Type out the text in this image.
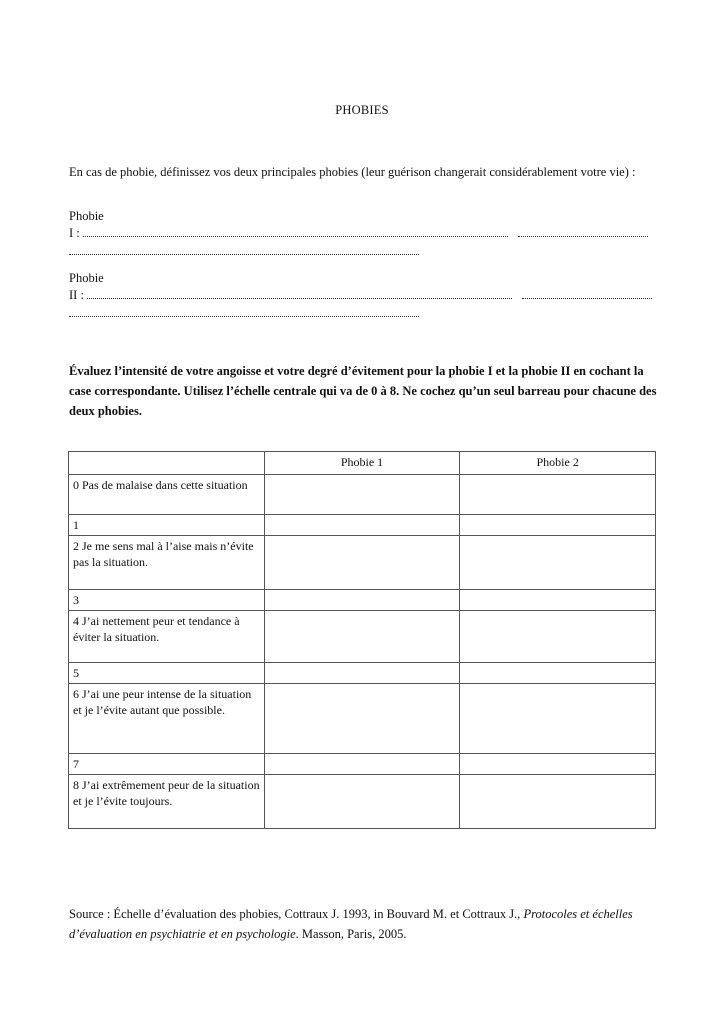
PHOBIES
En cas de phobie, définissez vos deux principales phobies (leur guérison changerait considérablement votre vie) :
Phobie
I :
Phobie
II :
Évaluez l’intensité de votre angoisse et votre degré d’évitement pour la phobie I et la phobie II en cochant la case correspondante. Utilisez l’échelle centrale qui va de 0 à 8. Ne cochez qu’un seul barreau pour chacune des deux phobies.
	Phobie 1	Phobie 2
0 Pas de malaise dans cette situation		
1		
2 Je me sens mal à l’aise mais n’évite pas la situation.		
3		
4 J’ai nettement peur et tendance à éviter la situation.		
5		
6 J’ai une peur intense de la situation et je l’évite autant que possible.		
7		
8 J’ai extrêmement peur de la situation et je l’évite toujours.		
Source : Échelle d’évaluation des phobies, Cottraux J. 1993, in Bouvard M. et Cottraux J., Protocoles et échelles d’évaluation en psychiatrie et en psychologie. Masson, Paris, 2005.
